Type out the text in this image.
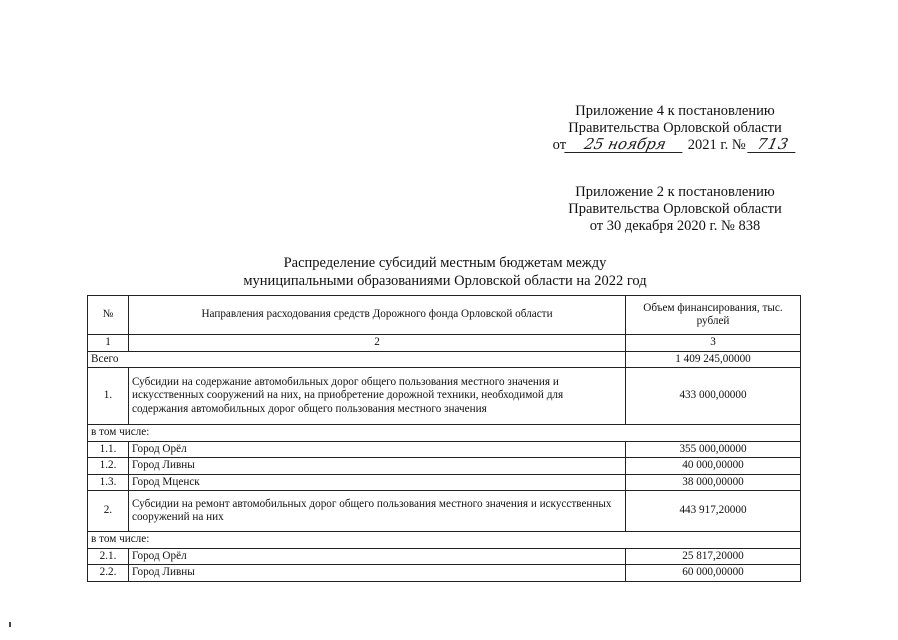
Приложение 4 к постановлению
Правительства Орловской области
от 25 ноября 2021 г. № 713
Приложение 2 к постановлению
Правительства Орловской области
от 30 декабря 2020 г. № 838
Распределение субсидий местным бюджетам между
муниципальными образованиями Орловской области на 2022 год
№	Направления расходования средств Дорожного фонда Орловской области	Объем финансирования, тыс. рублей
1	2	3
Всего		1 409 245,00000
1.	Субсидии на содержание автомобильных дорог общего пользования местного значения и искусственных сооружений на них, на приобретение дорожной техники, необходимой для содержания автомобильных дорог общего пользования местного значения	433 000,00000
в том числе:		
1.1.	Город Орёл	355 000,00000
1.2.	Город Ливны	40 000,00000
1.3.	Город Мценск	38 000,00000
2.	Субсидии на ремонт автомобильных дорог общего пользования местного значения и искусственных сооружений на них	443 917,20000
в том числе:		
2.1.	Город Орёл	25 817,20000
2.2.	Город Ливны	60 000,00000
